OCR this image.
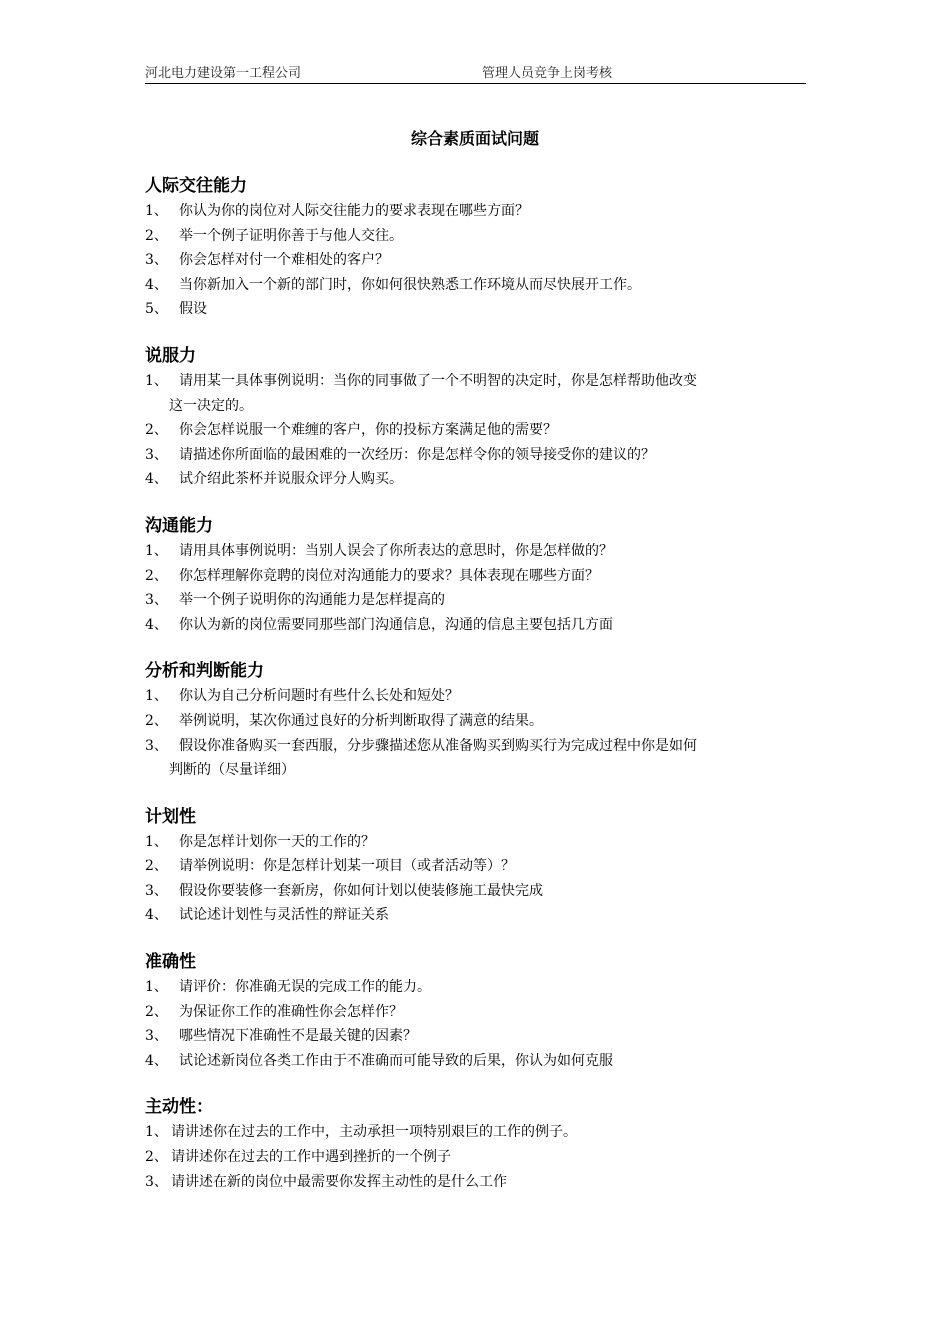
河北电力建设第一工程公司	管理人员竞争上岗考核
综合素质面试问题
人际交往能力
1、 你认为你的岗位对人际交往能力的要求表现在哪些方面？
2、 举一个例子证明你善于与他人交往。
3、 你会怎样对付一个难相处的客户？
4、 当你新加入一个新的部门时，你如何很快熟悉工作环境从而尽快展开工作。
5、 假设
说服力
1、 请用某一具体事例说明：当你的同事做了一个不明智的决定时，你是怎样帮助他改变
这一决定的。
2、 你会怎样说服一个难缠的客户，你的投标方案满足他的需要？
3、 请描述你所面临的最困难的一次经历：你是怎样令你的领导接受你的建议的？
4、 试介绍此茶杯并说服众评分人购买。
沟通能力
1、 请用具体事例说明：当别人误会了你所表达的意思时，你是怎样做的？
2、 你怎样理解你竞聘的岗位对沟通能力的要求？具体表现在哪些方面？
3、 举一个例子说明你的沟通能力是怎样提高的
4、 你认为新的岗位需要同那些部门沟通信息，沟通的信息主要包括几方面
分析和判断能力
1、 你认为自己分析问题时有些什么长处和短处？
2、 举例说明，某次你通过良好的分析判断取得了满意的结果。
3、 假设你准备购买一套西服，分步骤描述您从准备购买到购买行为完成过程中你是如何
判断的（尽量详细）
计划性
1、 你是怎样计划你一天的工作的？
2、 请举例说明：你是怎样计划某一项目（或者活动等）？
3、 假设你要装修一套新房，你如何计划以使装修施工最快完成
4、 试论述计划性与灵活性的辩证关系
准确性
1、 请评价：你准确无误的完成工作的能力。
2、 为保证你工作的准确性你会怎样作？
3、 哪些情况下准确性不是最关键的因素？
4、 试论述新岗位各类工作由于不准确而可能导致的后果，你认为如何克服
主动性：
1、 请讲述你在过去的工作中，主动承担一项特别艰巨的工作的例子。
2、 请讲述你在过去的工作中遇到挫折的一个例子
3、 请讲述在新的岗位中最需要你发挥主动性的是什么工作
